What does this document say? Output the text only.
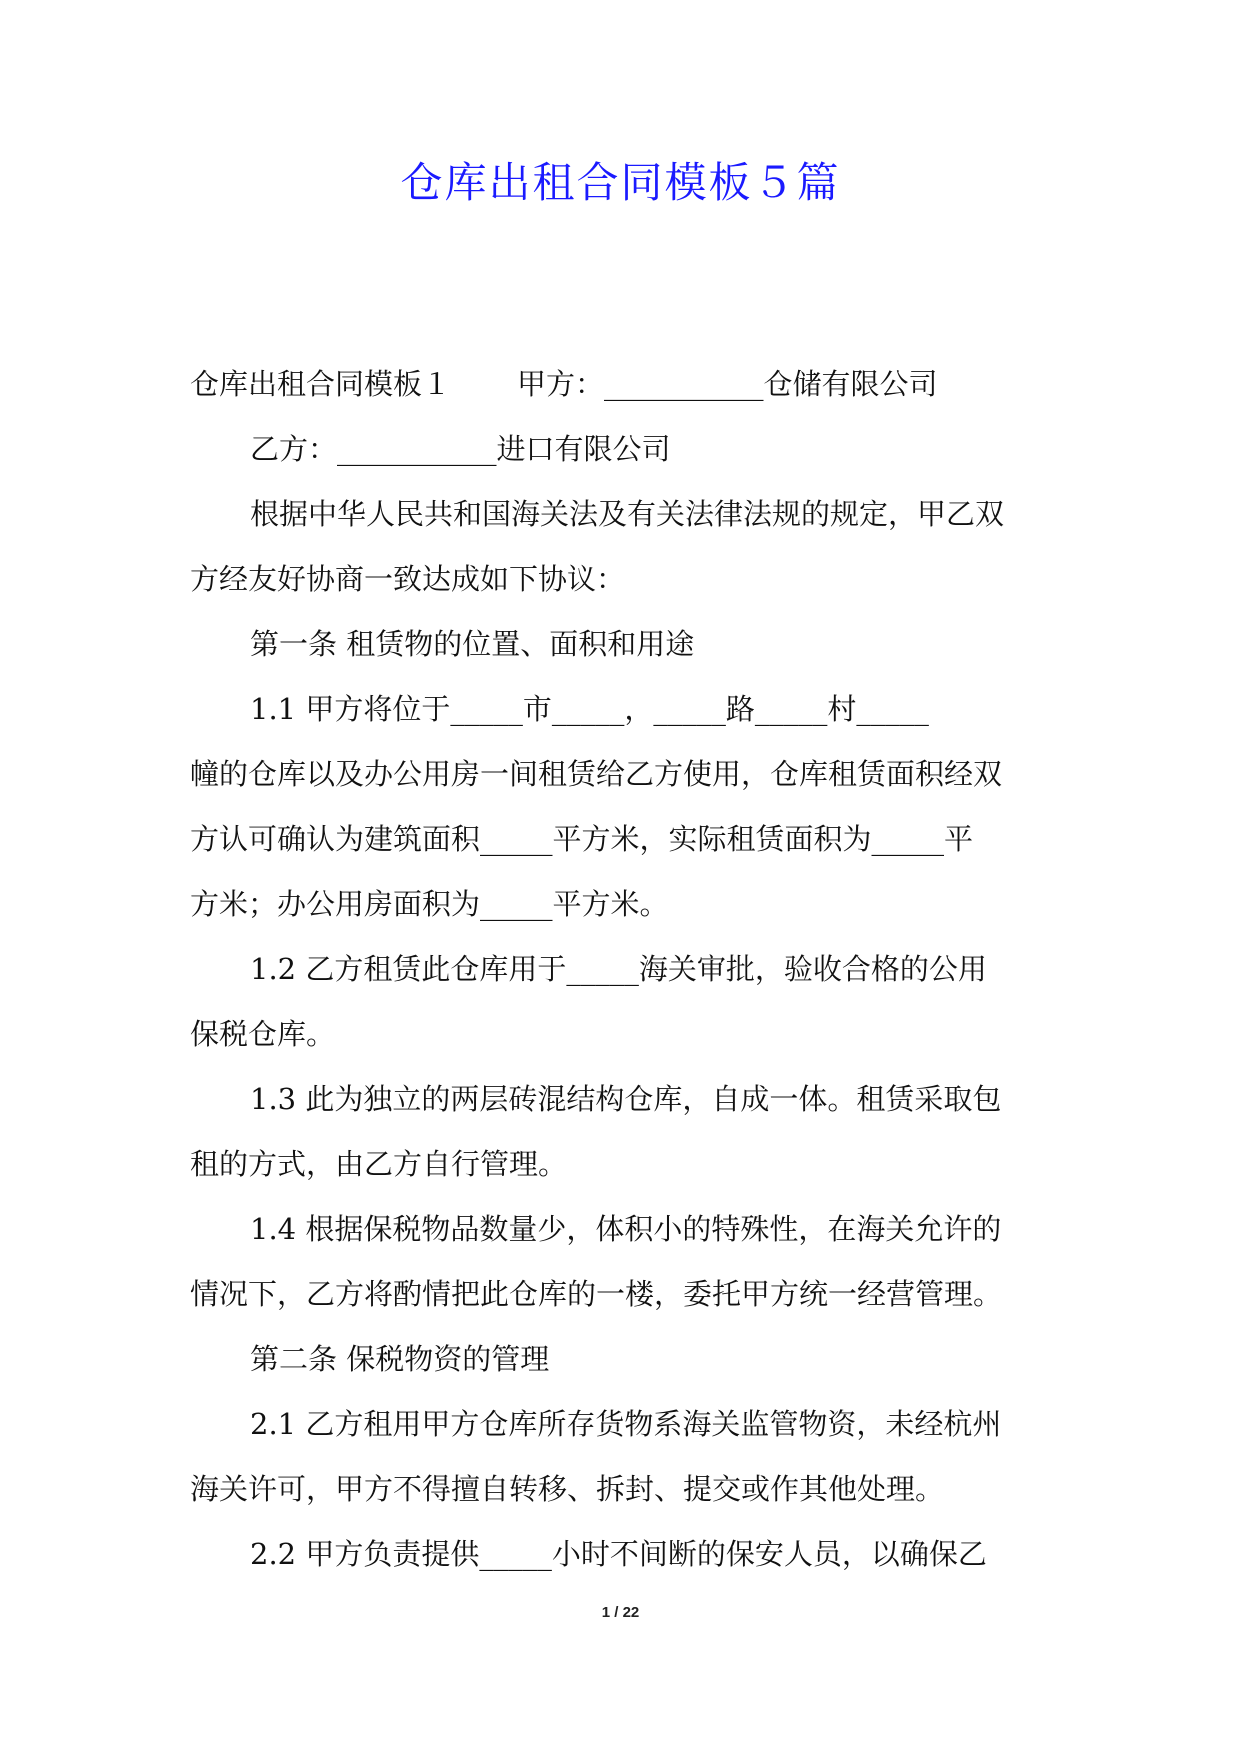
仓库出租合同模板５篇
仓库出租合同模板１ 甲方：___________仓储有限公司
乙方：___________进口有限公司
根据中华人民共和国海关法及有关法律法规的规定，甲乙双
方经友好协商一致达成如下协议：
第一条 租赁物的位置、面积和用途
1.1 甲方将位于_____市_____，_____路_____村_____
幢的仓库以及办公用房一间租赁给乙方使用，仓库租赁面积经双
方认可确认为建筑面积_____平方米，实际租赁面积为_____平
方米；办公用房面积为_____平方米。
1.2 乙方租赁此仓库用于_____海关审批，验收合格的公用
保税仓库。
1.3 此为独立的两层砖混结构仓库，自成一体。租赁采取包
租的方式，由乙方自行管理。
1.4 根据保税物品数量少，体积小的特殊性，在海关允许的
情况下，乙方将酌情把此仓库的一楼，委托甲方统一经营管理。
第二条 保税物资的管理
2.1 乙方租用甲方仓库所存货物系海关监管物资，未经杭州
海关许可，甲方不得擅自转移、拆封、提交或作其他处理。
2.2 甲方负责提供_____小时不间断的保安人员，以确保乙
1 / 22
